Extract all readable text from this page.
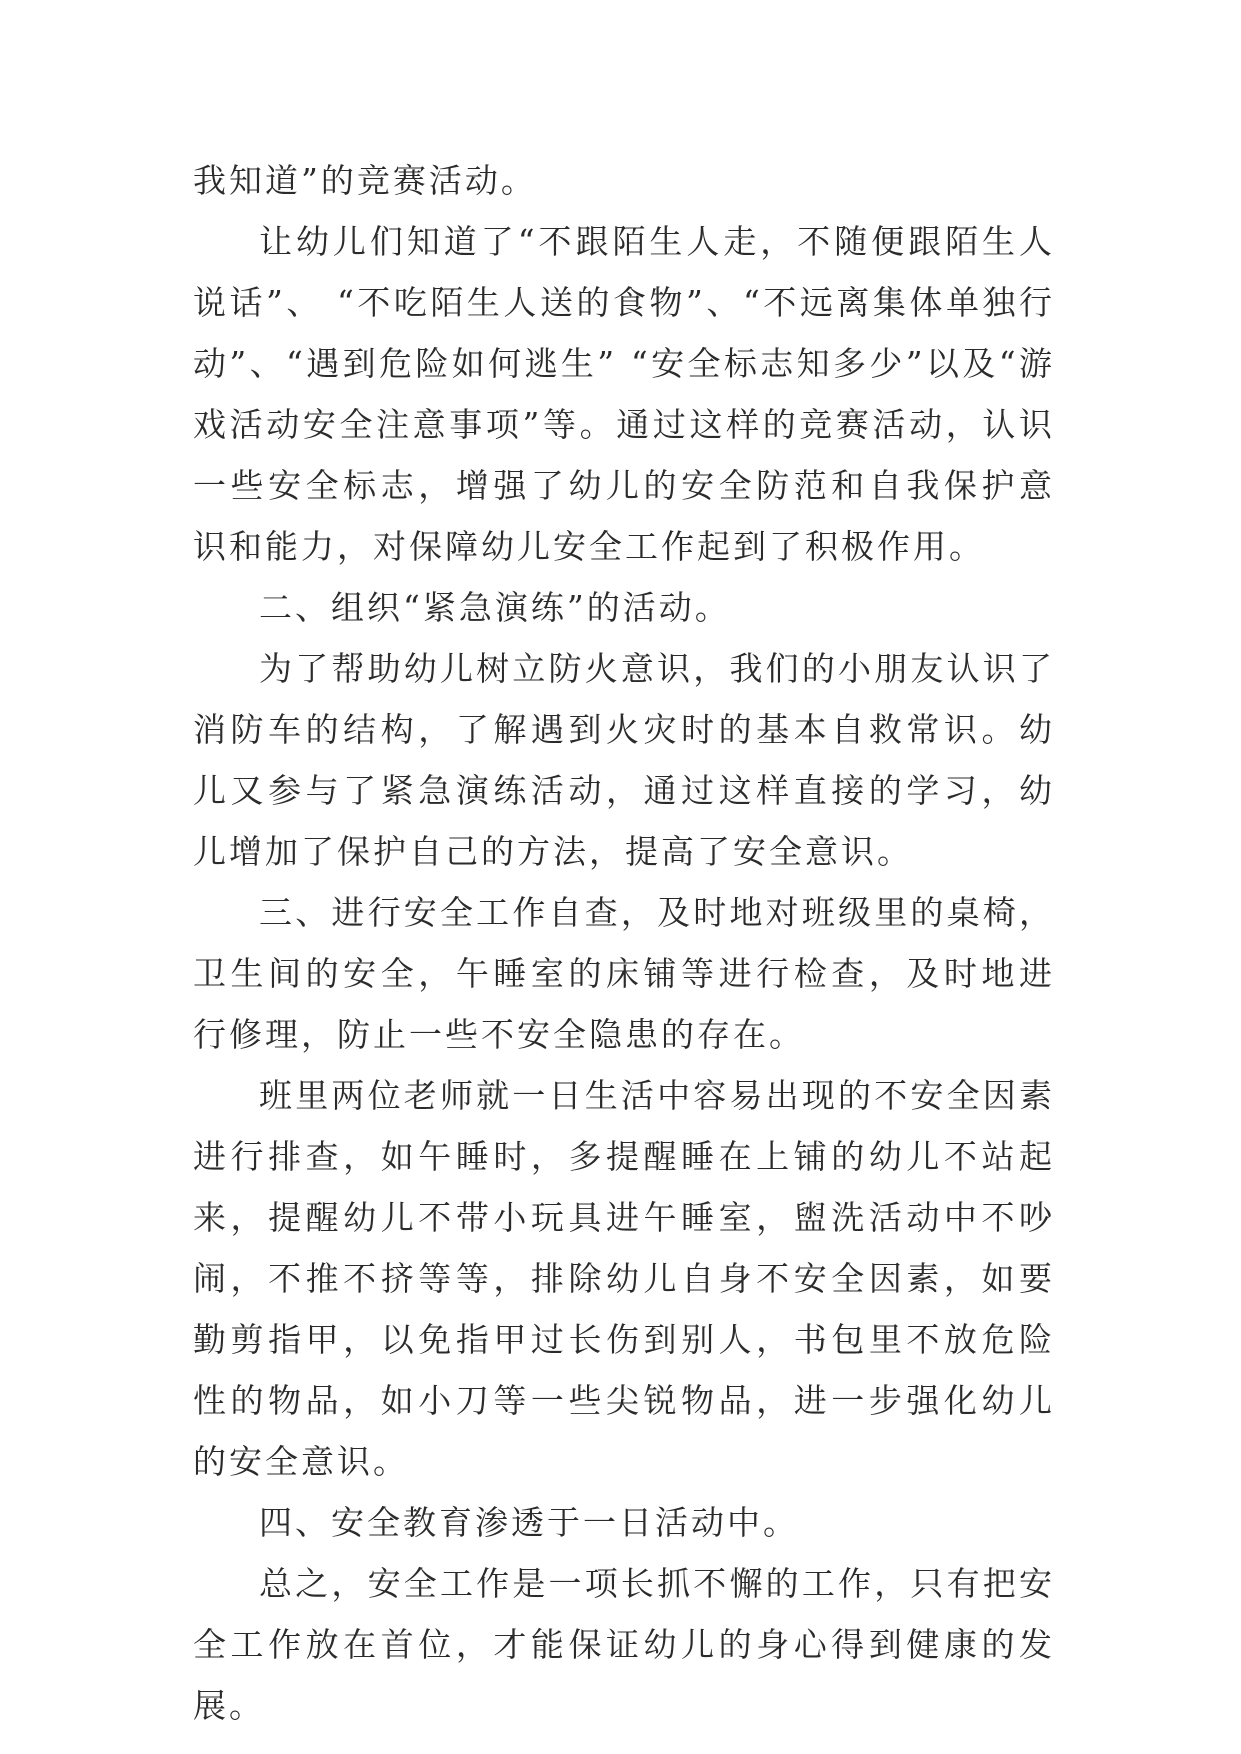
我知道”的竞赛活动。

让幼儿们知道了“不跟陌生人走，不随便跟陌生人说话”、 “不吃陌生人送的食物”、“不远离集体单独行动”、“遇到危险如何逃生” “安全标志知多少”以及“游戏活动安全注意事项”等。通过这样的竞赛活动，认识一些安全标志，增强了幼儿的安全防范和自我保护意识和能力，对保障幼儿安全工作起到了积极作用。

二、组织“紧急演练”的活动。

为了帮助幼儿树立防火意识，我们的小朋友认识了消防车的结构，了解遇到火灾时的基本自救常识。幼儿又参与了紧急演练活动，通过这样直接的学习，幼儿增加了保护自己的方法，提高了安全意识。

三、进行安全工作自查，及时地对班级里的桌椅，卫生间的安全，午睡室的床铺等进行检查，及时地进行修理，防止一些不安全隐患的存在。

班里两位老师就一日生活中容易出现的不安全因素进行排查，如午睡时，多提醒睡在上铺的幼儿不站起来，提醒幼儿不带小玩具进午睡室，盥洗活动中不吵闹，不推不挤等等，排除幼儿自身不安全因素，如要勤剪指甲，以免指甲过长伤到别人，书包里不放危险性的物品，如小刀等一些尖锐物品，进一步强化幼儿的安全意识。

四、安全教育渗透于一日活动中。

总之，安全工作是一项长抓不懈的工作，只有把安全工作放在首位，才能保证幼儿的身心得到健康的发展。
